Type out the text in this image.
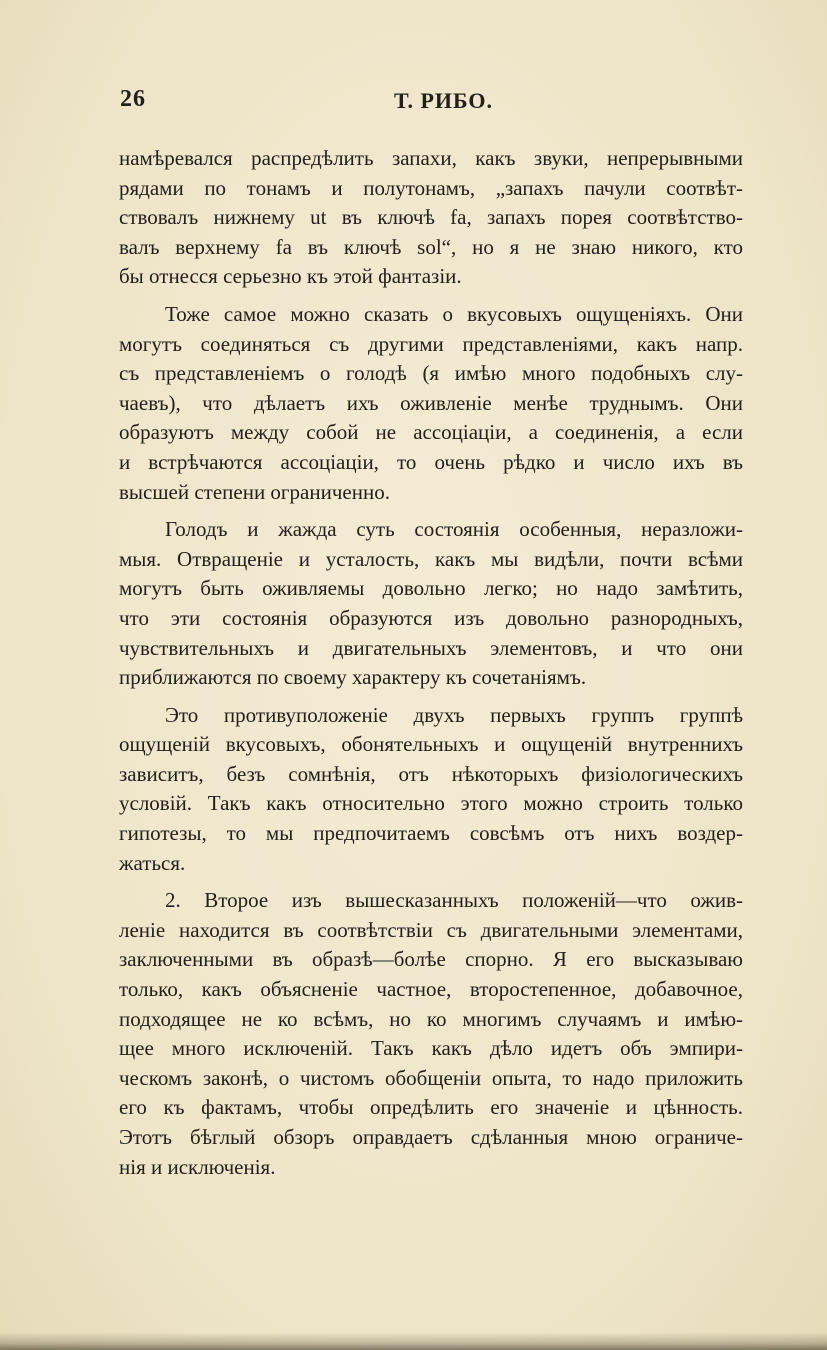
26	Т. РИБО.
намѣревался распредѣлить запахи, какъ звуки, непрерывными
рядами по тонамъ и полутонамъ, „запахъ пачули соотвѣт-
ствовалъ нижнему ut въ ключѣ fa, запахъ порея соотвѣтство-
валъ верхнему fa въ ключѣ sol“, но я не знаю никого, кто
бы отнесся серьезно къ этой фантазіи.
Тоже самое можно сказать о вкусовыхъ ощущеніяхъ. Они
могутъ соединяться съ другими представленіями, какъ напр.
съ представленіемъ о голодѣ (я имѣю много подобныхъ слу-
чаевъ), что дѣлаетъ ихъ оживленіе менѣе труднымъ. Они
образуютъ между собой не ассоціаціи, а соединенія, а если
и встрѣчаются ассоціаціи, то очень рѣдко и число ихъ въ
высшей степени ограниченно.
Голодъ и жажда суть состоянія особенныя, неразложи-
мыя. Отвращеніе и усталость, какъ мы видѣли, почти всѣми
могутъ быть оживляемы довольно легко; но надо замѣтить,
что эти состоянія образуются изъ довольно разнородныхъ,
чувствительныхъ и двигательныхъ элементовъ, и что они
приближаются по своему характеру къ сочетаніямъ.
Это противуположеніе двухъ первыхъ группъ группѣ
ощущеній вкусовыхъ, обонятельныхъ и ощущеній внутреннихъ
зависитъ, безъ сомнѣнія, отъ нѣкоторыхъ физіологическихъ
условій. Такъ какъ относительно этого можно строить только
гипотезы, то мы предпочитаемъ совсѣмъ отъ нихъ воздер-
жаться.
2. Второе изъ вышесказанныхъ положеній—что ожив-
леніе находится въ соотвѣтствіи съ двигательными элементами,
заключенными въ образѣ—болѣе спорно. Я его высказываю
только, какъ объясненіе частное, второстепенное, добавочное,
подходящее не ко всѣмъ, но ко многимъ случаямъ и имѣю-
щее много исключеній. Такъ какъ дѣло идетъ объ эмпири-
ческомъ законѣ, о чистомъ обобщеніи опыта, то надо приложить
его къ фактамъ, чтобы опредѣлить его значеніе и цѣнность.
Этотъ бѣглый обзоръ оправдаетъ сдѣланныя мною ограниче-
нія и исключенія.
